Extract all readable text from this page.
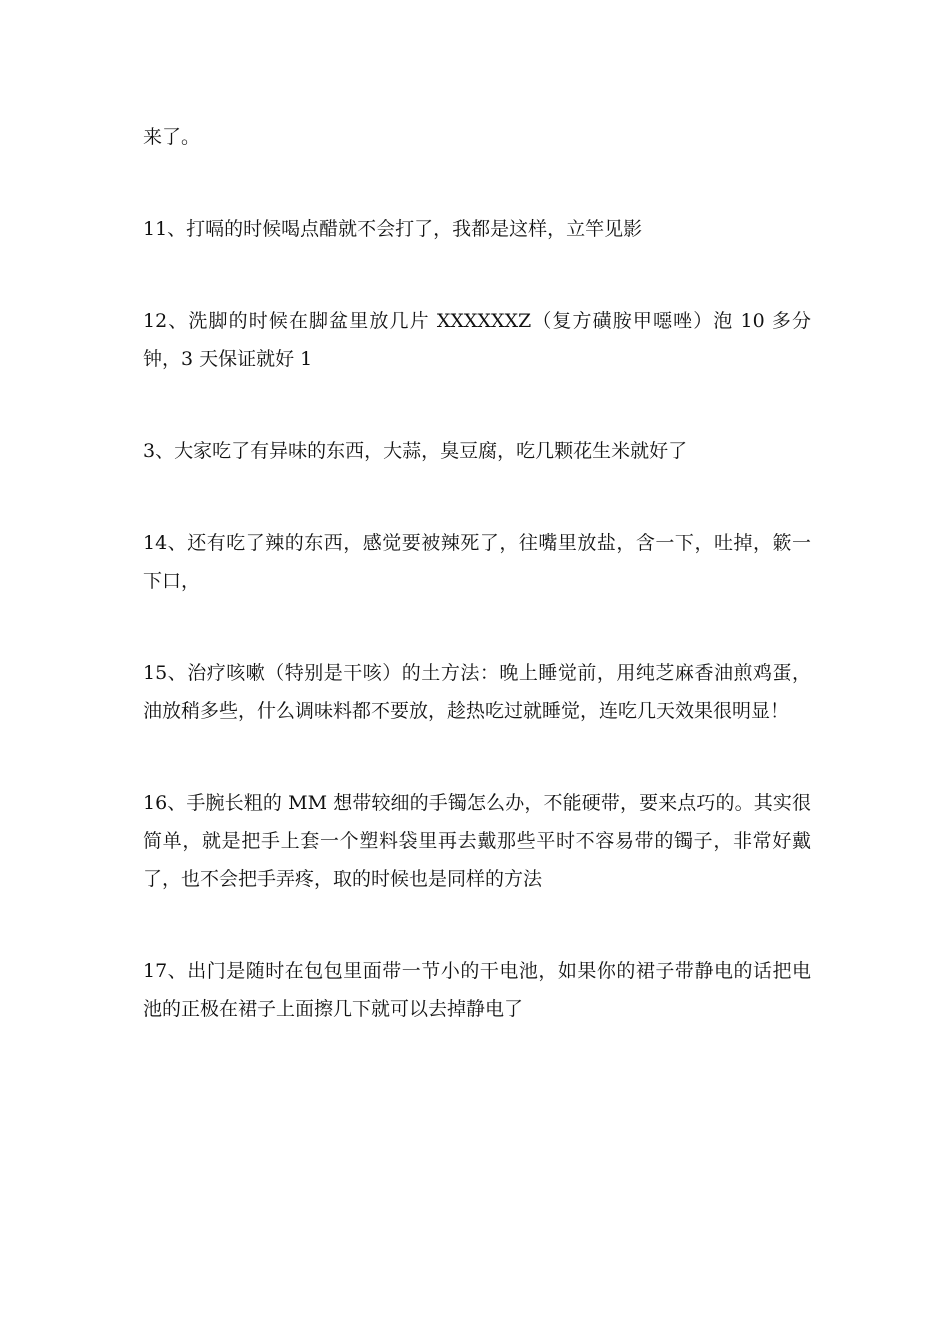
来了。

11、打嗝的时候喝点醋就不会打了，我都是这样，立竿见影

12、洗脚的时候在脚盆里放几片 XXXXXXZ（复方磺胺甲噁唑）泡 10 多分钟，3 天保证就好 1

3、大家吃了有异味的东西，大蒜，臭豆腐，吃几颗花生米就好了

14、还有吃了辣的东西，感觉要被辣死了，往嘴里放盐，含一下，吐掉，簌一下口，

15、治疗咳嗽（特别是干咳）的土方法：晚上睡觉前，用纯芝麻香油煎鸡蛋，油放稍多些，什么调味料都不要放，趁热吃过就睡觉，连吃几天效果很明显！

16、手腕长粗的 MM 想带较细的手镯怎么办，不能硬带，要来点巧的。其实很简单，就是把手上套一个塑料袋里再去戴那些平时不容易带的镯子，非常好戴了，也不会把手弄疼，取的时候也是同样的方法

17、出门是随时在包包里面带一节小的干电池，如果你的裙子带静电的话把电池的正极在裙子上面擦几下就可以去掉静电了
